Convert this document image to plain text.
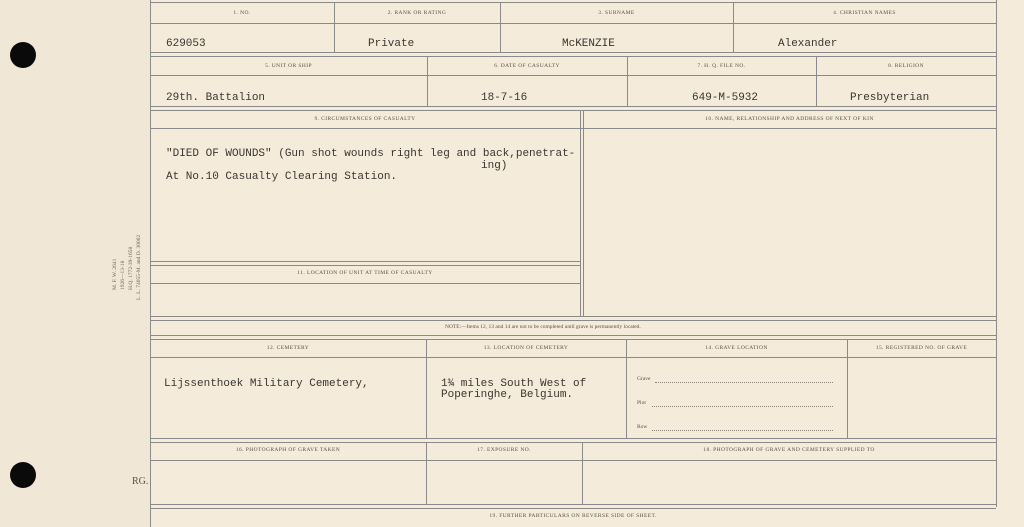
M. F. W. 2641 1926—13-18 H.Q. 1772-39-1658 L. L. 74055-M. and D. 30002
RG.
1. NO.	2. RANK OR RATING	3. SURNAME	4. CHRISTIAN NAMES
629053	Private	McKENZIE	Alexander
5. UNIT OR SHIP	6. DATE OF CASUALTY	7. H. Q. FILE NO.	8. RELIGION
29th. Battalion	18-7-16	649-M-5932	Presbyterian
9. CIRCUMSTANCES OF CASUALTY	10. NAME, RELATIONSHIP AND ADDRESS OF NEXT OF KIN
"DIED OF WOUNDS" (Gun shot wounds right leg and back,penetrat-
ing)
At No.10 Casualty Clearing Station.
11. LOCATION OF UNIT AT TIME OF CASUALTY
NOTE:—Items 12, 13 and 14 are not to be completed until grave is permanently located.
12. CEMETERY	13. LOCATION OF CEMETERY	14. GRAVE LOCATION	15. REGISTERED NO. OF GRAVE
Lijssenthoek Military Cemetery,	1¾ miles South West of
Poperinghe, Belgium.
Grave
Plot
Row
16. PHOTOGRAPH OF GRAVE TAKEN	17. EXPOSURE NO.	18. PHOTOGRAPH OF GRAVE AND CEMETERY SUPPLIED TO
19. FURTHER PARTICULARS ON REVERSE SIDE OF SHEET.
